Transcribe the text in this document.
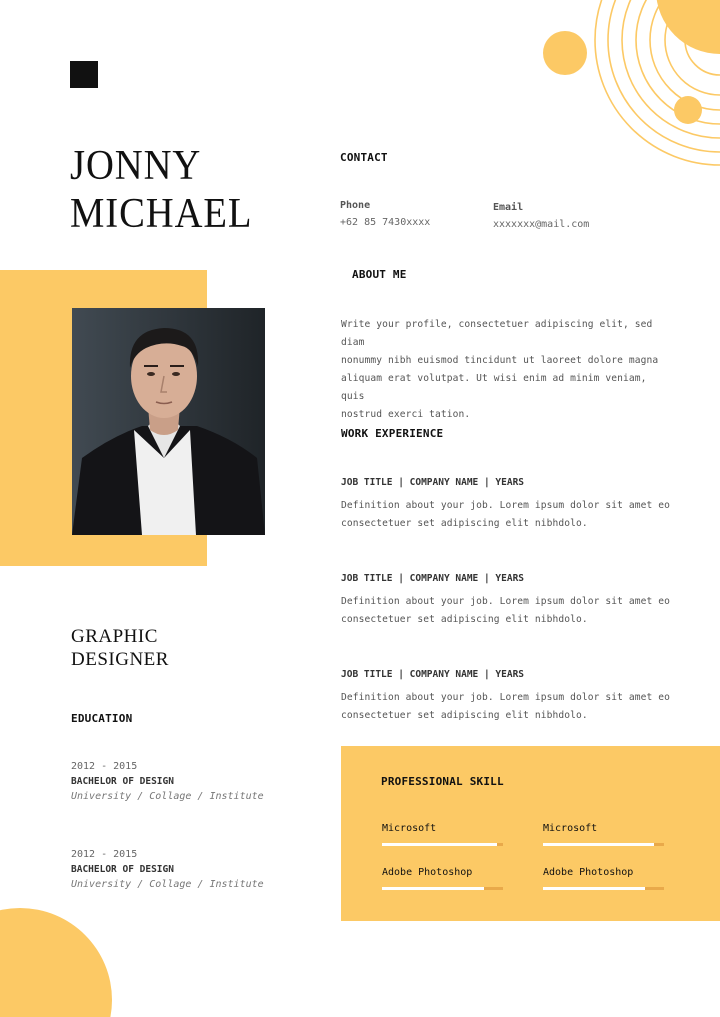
JONNY
MICHAEL
GRAPHIC
DESIGNER
CONTACT
Phone
+62 85 7430xxxx
Email
xxxxxxx@mail.com
ABOUT ME
Write your profile, consectetuer adipiscing elit, sed diam
nonummy nibh euismod tincidunt ut laoreet dolore magna
aliquam erat volutpat. Ut wisi enim ad minim veniam, quis
nostrud exerci tation.
WORK EXPERIENCE
JOB TITLE | COMPANY NAME | YEARS
Definition about your job. Lorem ipsum dolor sit amet eo
consectetuer set adipiscing elit nibhdolo.
JOB TITLE | COMPANY NAME | YEARS
Definition about your job. Lorem ipsum dolor sit amet eo
consectetuer set adipiscing elit nibhdolo.
JOB TITLE | COMPANY NAME | YEARS
Definition about your job. Lorem ipsum dolor sit amet eo
consectetuer set adipiscing elit nibhdolo.
EDUCATION
2012 - 2015
BACHELOR OF DESIGN
University / Collage / Institute
2012 - 2015
BACHELOR OF DESIGN
University / Collage / Institute
PROFESSIONAL SKILL
Microsoft	Microsoft
Adobe Photoshop	Adobe Photoshop
